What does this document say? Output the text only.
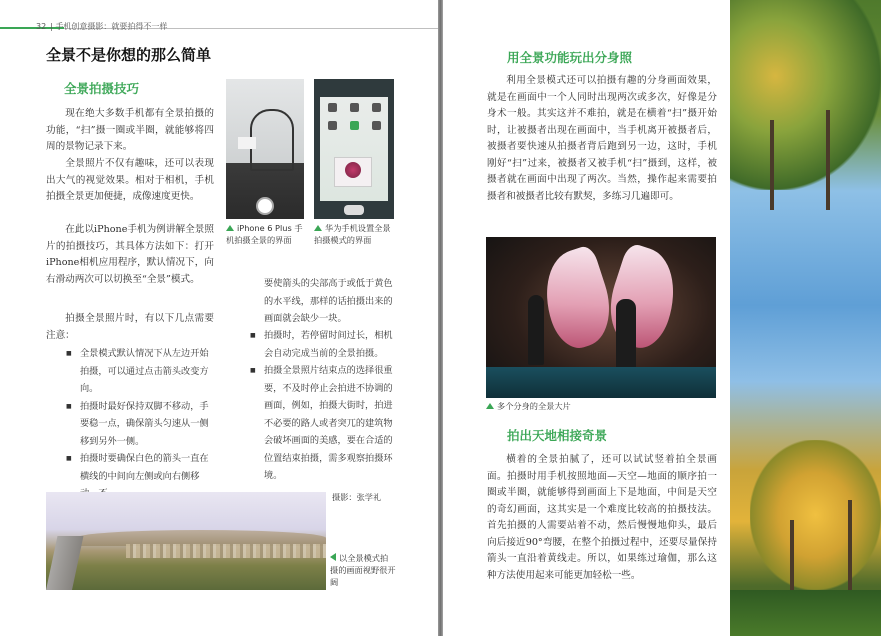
32 | 手机创意摄影：就要拍得不一样
全景不是你想的那么简单
全景拍摄技巧
现在绝大多数手机都有全景拍摄的功能，“扫”摄一圈或半圈，就能够将四周的景物记录下来。
全景照片不仅有趣味，还可以表现出大气的视觉效果。相对于相机，手机拍摄全景更加便捷，成像速度更快。
在此以iPhone手机为例讲解全景照片的拍摄技巧，其具体方法如下：打开iPhone相机应用程序，默认情况下，向右滑动两次可以切换至“全景”模式。
拍摄全景照片时，有以下几点需要注意：
■ 全景模式默认情况下从左边开始拍摄，可以通过点击箭头改变方向。
■ 拍摄时最好保持双脚不移动，手要稳一点，确保箭头匀速从一侧移到另外一侧。
■ 拍摄时要确保白色的箭头一直在横线的中间向左侧或向右侧移
要使箭头的尖部高于或低于黄色的水平线，那样的话拍摄出来的画面就会缺少一块。
■ 拍摄时，若停留时间过长，相机会自动完成当前的全景拍摄。
■ 拍摄全景照片结束点的选择很重要，不及时停止会拍进不协调的画面，例如，拍摄大街时，拍进不必要的路人或者突兀的建筑物会破坏画面的美感，要在合适的位置结束拍摄，需多观察拍摄环境。
iPhone 6 Plus 手机拍摄全景的界面
华为手机设置全景拍摄模式的界面
摄影：张学礼
以全景模式拍摄的画面视野很开阔
用全景功能玩出分身照
利用全景模式还可以拍摄有趣的分身画面效果，就是在画面中一个人同时出现两次或多次，好像是分身术一般。其实这并不难拍，就是在横着“扫”摄开始时，让被摄者出现在画面中，当手机离开被摄者后，被摄者要快速从拍摄者背后跑到另一边，这时，手机刚好“扫”过来，被摄者又被手机“扫”摄到，这样，被摄者就在画面中出现了两次。当然，操作起来需要拍摄者和被摄者比较有默契，多练习几遍即可。
多个分身的全景大片
拍出天地相接奇景
横着的全景拍腻了，还可以试试竖着拍全景画面。拍摄时用手机按照地面—天空—地面的顺序拍一圈或半圈，就能够得到画面上下是地面，中间是天空的奇幻画面，这其实是一个难度比较高的拍摄技法。首先拍摄的人需要站着不动，然后慢慢地仰头，最后向后接近90°弯腰，在整个拍摄过程中，还要尽量保持箭头一直沿着黄线走。所以，如果练过瑜伽，那么这种方法使用起来可能更加轻松一些。
